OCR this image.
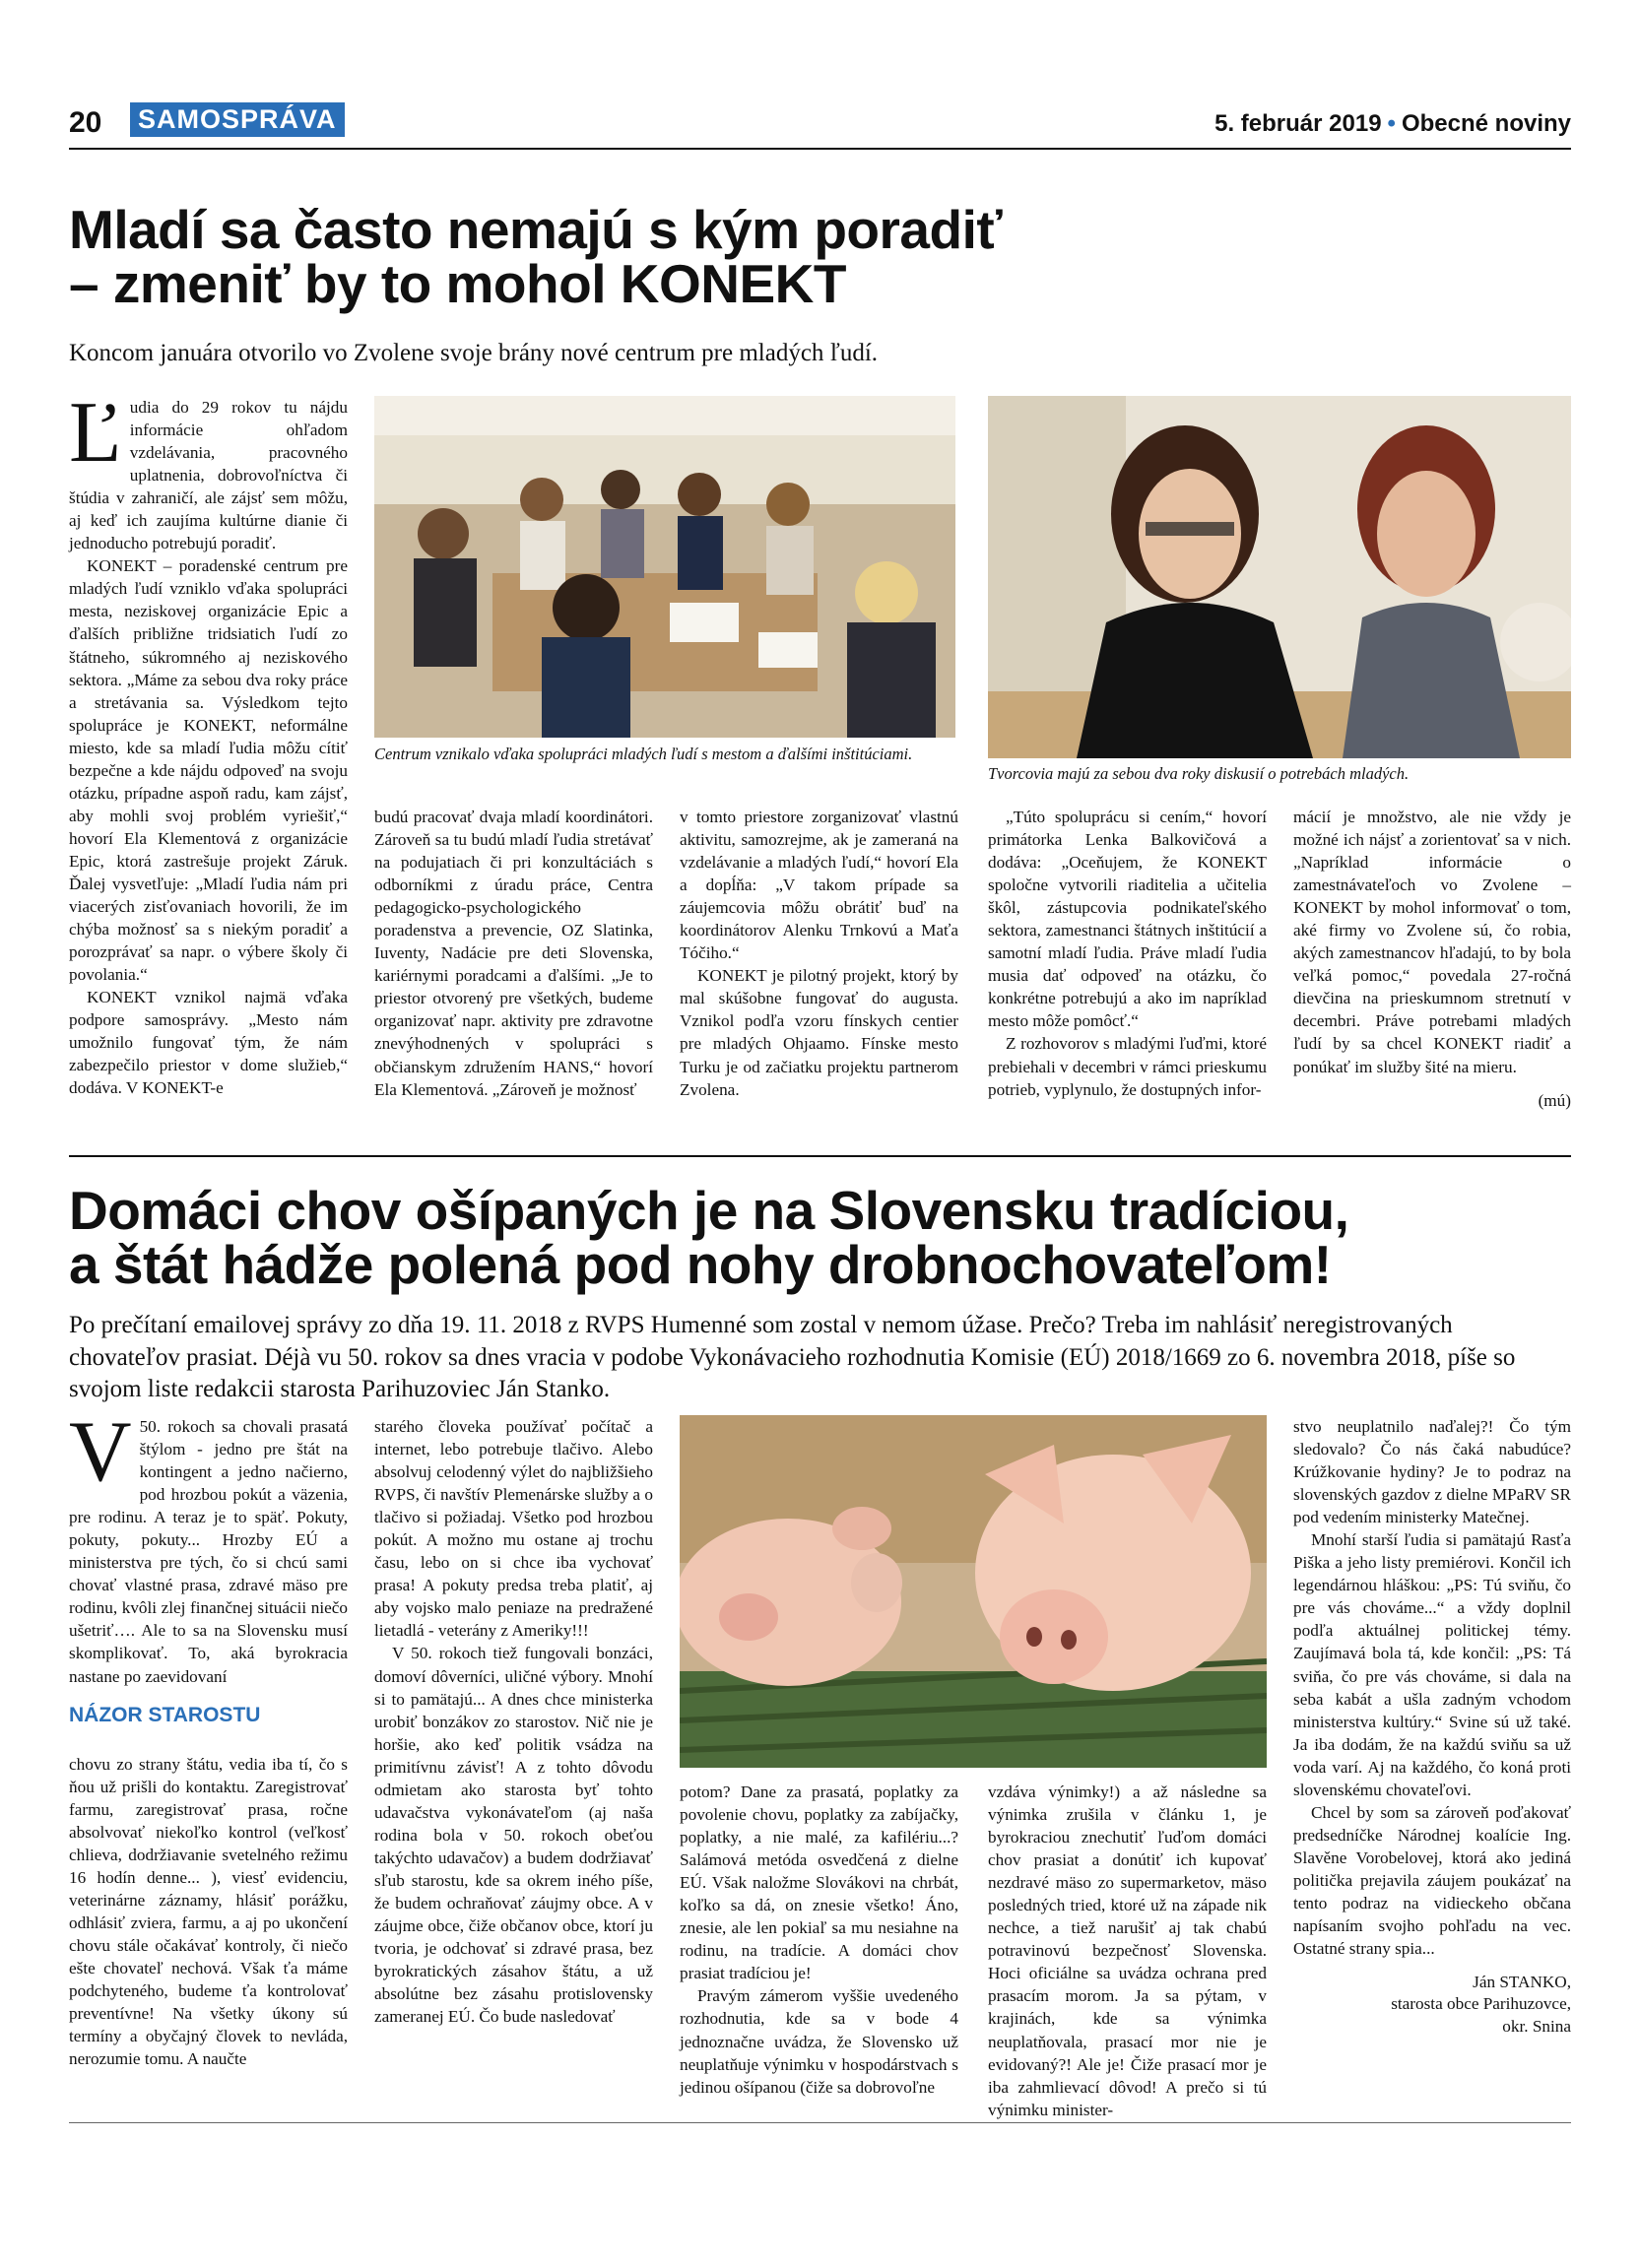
20 SAMOSPRÁVA	5. február 2019 • Obecné noviny
Mladí sa často nemajú s kým poradiť
– zmeniť by to mohol KONEKT
Koncom januára otvorilo vo Zvolene svoje brány nové centrum pre mladých ľudí.

Ľudia do 29 rokov tu nájdu informácie ohľadom vzdelávania, pracovného uplatnenia, dobrovoľníctva či štúdia v zahraničí, ale zájsť sem môžu, aj keď ich zaujíma kultúrne dianie či jednoducho potrebujú poradiť.

KONEKT – poradenské centrum pre mladých ľudí vzniklo vďaka spolupráci mesta, neziskovej organizácie Epic a ďalších približne tridsiatich ľudí zo štátneho, súkromného aj neziskového sektora. „Máme za sebou dva roky práce a stretávania sa. Výsledkom tejto spolupráce je KONEKT, neformálne miesto, kde sa mladí ľudia môžu cítiť bezpečne a kde nájdu odpoveď na svoju otázku, prípadne aspoň radu, kam zájsť, aby mohli svoj problém vyriešiť,“ hovorí Ela Klementová z organizácie Epic, ktorá zastrešuje projekt Záruk. Ďalej vysvetľuje: „Mladí ľudia nám pri viacerých zisťovaniach hovorili, že im chýba možnosť sa s niekým poradiť a porozprávať sa napr. o výbere školy či povolania.“

KONEKT vznikol najmä vďaka podpore samosprávy. „Mesto nám umožnilo fungovať tým, že nám zabezpečilo priestor v dome služieb,“ dodáva. V KONEKT-e

Centrum vznikalo vďaka spolupráci mladých ľudí s mestom a ďalšími inštitúciami.
Tvorcovia majú za sebou dva roky diskusií o potrebách mladých.

budú pracovať dvaja mladí koordinátori. Zároveň sa tu budú mladí ľudia stretávať na podujatiach či pri konzultáciách s odborníkmi z úradu práce, Centra pedagogicko-psychologického poradenstva a prevencie, OZ Slatinka, Iuventy, Nadácie pre deti Slovenska, kariérnymi poradcami a ďalšími. „Je to priestor otvorený pre všetkých, budeme organizovať napr. aktivity pre zdravotne znevýhodnených v spolupráci s občianskym združením HANS,“ hovorí Ela Klementová. „Zároveň je možnosť

v tomto priestore zorganizovať vlastnú aktivitu, samozrejme, ak je zameraná na vzdelávanie a mladých ľudí,“ hovorí Ela a dopĺňa: „V takom prípade sa záujemcovia môžu obrátiť buď na koordinátorov Alenku Trnkovú a Maťa Tóčiho.“

KONEKT je pilotný projekt, ktorý by mal skúšobne fungovať do augusta. Vznikol podľa vzoru fínskych centier pre mladých Ohjaamo. Fínske mesto Turku je od začiatku projektu partnerom Zvolena.

„Túto spoluprácu si cením,“ hovorí primátorka Lenka Balkovičová a dodáva: „Oceňujem, že KONEKT spoločne vytvorili riaditelia a učitelia škôl, zástupcovia podnikateľského sektora, zamestnanci štátnych inštitúcií a samotní mladí ľudia. Práve mladí ľudia musia dať odpoveď na otázku, čo konkrétne potrebujú a ako im napríklad mesto môže pomôcť.“

Z rozhovorov s mladými ľuďmi, ktoré prebiehali v decembri v rámci prieskumu potrieb, vyplynulo, že dostupných infor-

mácií je množstvo, ale nie vždy je možné ich nájsť a zorientovať sa v nich. „Napríklad informácie o zamestnávateľoch vo Zvolene – KONEKT by mohol informovať o tom, aké firmy vo Zvolene sú, čo robia, akých zamestnancov hľadajú, to by bola veľká pomoc,“ povedala 27-ročná dievčina na prieskumnom stretnutí v decembri. Práve potrebami mladých ľudí by sa chcel KONEKT riadiť a ponúkať im služby šité na mieru.

(mú)

Domáci chov ošípaných je na Slovensku tradíciou,
a štát hádže polená pod nohy drobnochovateľom!
Po prečítaní emailovej správy zo dňa 19. 11. 2018 z RVPS Humenné som zostal v nemom úžase. Prečo? Treba im nahlásiť neregistrovaných chovateľov prasiat. Déjà vu 50. rokov sa dnes vracia v podobe Vykonávacieho rozhodnutia Komisie (EÚ) 2018/1669 zo 6. novembra 2018, píše so svojom liste redakcii starosta Parihuzoviec Ján Stanko.

V 50. rokoch sa chovali prasatá štýlom - jedno pre štát na kontingent a jedno načierno, pod hrozbou pokút a väzenia, pre rodinu. A teraz je to späť. Pokuty, pokuty, pokuty... Hrozby EÚ a ministerstva pre tých, čo si chcú sami chovať vlastné prasa, zdravé mäso pre rodinu, kvôli zlej finančnej situácii niečo ušetriť…. Ale to sa na Slovensku musí skomplikovať. To, aká byrokracia nastane po zaevidovaní

NÁZOR STAROSTU

chovu zo strany štátu, vedia iba tí, čo s ňou už prišli do kontaktu. Zaregistrovať farmu, zaregistrovať prasa, ročne absolvovať niekoľko kontrol (veľkosť chlieva, dodržiavanie svetelného režimu 16 hodín denne... ), viesť evidenciu, veterinárne záznamy, hlásiť porážku, odhlásiť zviera, farmu, a aj po ukončení chovu stále očakávať kontroly, či niečo ešte chovateľ nechová. Však ťa máme podchyteného, budeme ťa kontrolovať preventívne! Na všetky úkony sú termíny a obyčajný človek to nevládа, nerozumie tomu. A naučte

starého človeka používať počítač a internet, lebo potrebuje tlačivo. Alebo absolvuj celodenný výlet do najbližšieho RVPS, či navštív Plemenárske služby a o tlačivo si požiadaj. Všetko pod hrozbou pokút. A možno mu ostane aj trochu času, lebo on si chce iba vychovať prasa! A pokuty predsa treba platiť, aj aby vojsko malo peniaze na predražené lietadlá - veterány z Ameriky!!!

V 50. rokoch tiež fungovali bonzáci, domoví dôverníci, uličné výbory. Mnohí si to pamätajú... A dnes chce ministerka urobiť bonzákov zo starostov. Nič nie je horšie, ako keď politik vsádza na primitívnu závisť! A z tohto dôvodu odmietam ako starosta byť tohto udavačstva vykonávateľom (aj naša rodina bola v 50. rokoch obeťou takýchto udavačov) a budem dodržiavať sľub starostu, kde sa okrem iného píše, že budem ochraňovať záujmy obce. A v záujme obce, čiže občanov obce, ktorí ju tvoria, je odchovať si zdravé prasa, bez byrokratických zásahov štátu, a už absolútne bez zásahu protislovensky zameranej EÚ. Čo bude nasledovať

potom? Dane za prasatá, poplatky za povolenie chovu, poplatky za zabíjačky, poplatky, a nie malé, za kafilériu...? Salámová metóda osvedčená z dielne EÚ. Však naložme Slovákovi na chrbát, koľko sa dá, on znesie všetko! Áno, znesie, ale len pokiaľ sa mu nesiahne na rodinu, na tradície. A domáci chov prasiat tradíciou je!

Pravým zámerom vyššie uvedeného rozhodnutia, kde sa v bode 4 jednoznačne uvádza, že Slovensko už neuplatňuje výnimku v hospodárstvach s jedinou ošípanou (čiže sa dobrovoľne

vzdáva výnimky!) a až následne sa výnimka zrušila v článku 1, je byrokraciou znechutiť ľuďom domáci chov prasiat a donútiť ich kupovať nezdravé mäso zo supermarketov, mäso posledných tried, ktoré už na západe nik nechce, a tiež narušiť aj tak chabú potravinovú bezpečnosť Slovenska. Hoci oficiálne sa uvádza ochrana pred prasacím morom. Ja sa pýtam, v krajinách, kde sa výnimka neuplatňovala, prasací mor nie je evidovaný?! Ale je! Čiže prasací mor je iba zahmlievací dôvod! A prečo si tú výnimku minister-

stvo neuplatnilo naďalej?! Čo tým sledovalo? Čo nás čaká nabudúce? Krúžkovanie hydiny? Je to podraz na slovenských gazdov z dielne MPaRV SR pod vedením ministerky Matečnej.

Mnohí starší ľudia si pamätajú Rasťa Piška a jeho listy premiérovi. Končil ich legendárnou hláškou: „PS: Tú sviňu, čo pre vás chováme...“ a vždy doplnil podľa aktuálnej politickej témy. Zaujímavá bola tá, kde končil: „PS: Tá sviňa, čo pre vás chováme, si dala na seba kabát a ušla zadným vchodom ministerstva kultúry.“ Svine sú už také. Ja iba dodám, že na každú sviňu sa už voda varí. Aj na každého, čo koná proti slovenskému chovateľovi.

Chcel by som sa zároveň poďakovať predsedníčke Národnej koalície Ing. Slavěne Vorobelovej, ktorá ako jediná politička prejavila záujem poukázať na tento podraz na vidieckeho občana napísaním svojho pohľadu na vec. Ostatné strany spia...

Ján STANKO,
starosta obce Parihuzovce,
okr. Snina
